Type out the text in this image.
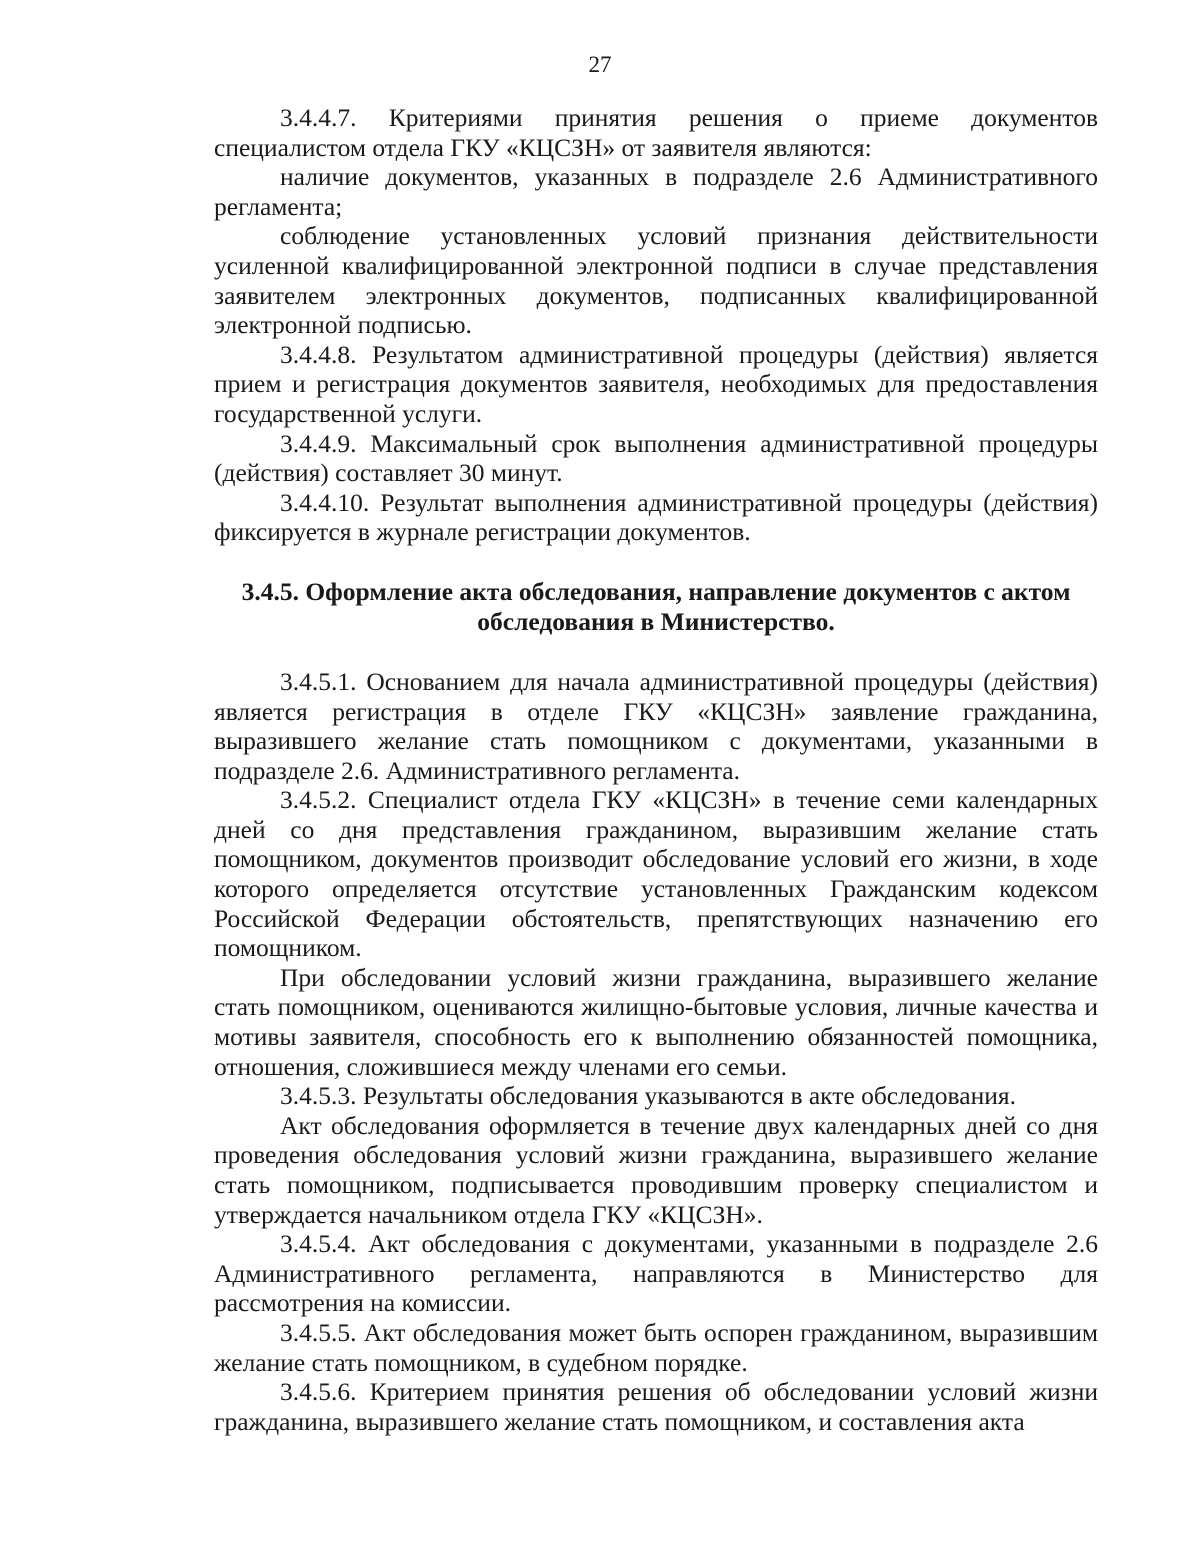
27

3.4.4.7. Критериями принятия решения о приеме документов специалистом отдела ГКУ «КЦСЗН» от заявителя являются:

наличие документов, указанных в подразделе 2.6 Административного регламента;

соблюдение установленных условий признания действительности усиленной квалифицированной электронной подписи в случае представления заявителем электронных документов, подписанных квалифицированной электронной подписью.

3.4.4.8. Результатом административной процедуры (действия) является прием и регистрация документов заявителя, необходимых для предоставления государственной услуги.

3.4.4.9. Максимальный срок выполнения административной процедуры (действия) составляет 30 минут.

3.4.4.10. Результат выполнения административной процедуры (действия) фиксируется в журнале регистрации документов.

3.4.5. Оформление акта обследования, направление документов с актом обследования в Министерство.

3.4.5.1. Основанием для начала административной процедуры (действия) является регистрация в отделе ГКУ «КЦСЗН» заявление гражданина, выразившего желание стать помощником с документами, указанными в подразделе 2.6. Административного регламента.

3.4.5.2. Специалист отдела ГКУ «КЦСЗН» в течение семи календарных дней со дня представления гражданином, выразившим желание стать помощником, документов производит обследование условий его жизни, в ходе которого определяется отсутствие установленных Гражданским кодексом Российской Федерации обстоятельств, препятствующих назначению его помощником.

При обследовании условий жизни гражданина, выразившего желание стать помощником, оцениваются жилищно-бытовые условия, личные качества и мотивы заявителя, способность его к выполнению обязанностей помощника, отношения, сложившиеся между членами его семьи.

3.4.5.3. Результаты обследования указываются в акте обследования.

Акт обследования оформляется в течение двух календарных дней со дня проведения обследования условий жизни гражданина, выразившего желание стать помощником, подписывается проводившим проверку специалистом и утверждается начальником отдела ГКУ «КЦСЗН».

3.4.5.4. Акт обследования с документами, указанными в подразделе 2.6 Административного регламента, направляются в Министерство для рассмотрения на комиссии.

3.4.5.5. Акт обследования может быть оспорен гражданином, выразившим желание стать помощником, в судебном порядке.

3.4.5.6. Критерием принятия решения об обследовании условий жизни гражданина, выразившего желание стать помощником, и составления акта
